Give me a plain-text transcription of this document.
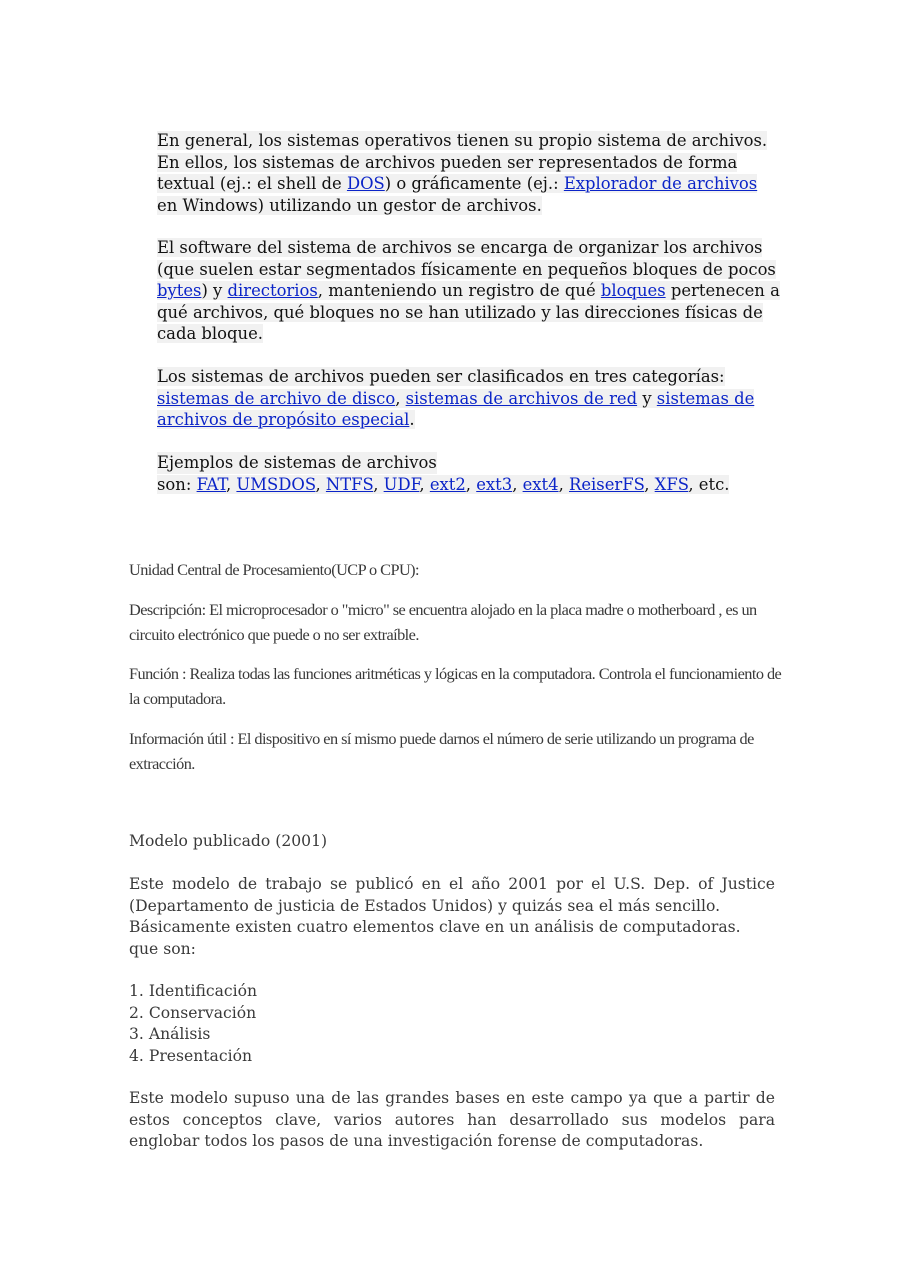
En general, los sistemas operativos tienen su propio sistema de archivos. En ellos, los sistemas de archivos pueden ser representados de forma textual (ej.: el shell de DOS) o gráficamente (ej.: Explorador de archivos en Windows) utilizando un gestor de archivos.
El software del sistema de archivos se encarga de organizar los archivos (que suelen estar segmentados físicamente en pequeños bloques de pocos bytes) y directorios, manteniendo un registro de qué bloques pertenecen a qué archivos, qué bloques no se han utilizado y las direcciones físicas de cada bloque.
Los sistemas de archivos pueden ser clasificados en tres categorías: sistemas de archivo de disco, sistemas de archivos de red y sistemas de archivos de propósito especial.
Ejemplos de sistemas de archivos
son: FAT, UMSDOS, NTFS, UDF, ext2, ext3, ext4, ReiserFS, XFS, etc.
Unidad Central de Procesamiento(UCP o CPU):
Descripción: El microprocesador o "micro" se encuentra alojado en la placa madre o motherboard , es un circuito electrónico que puede o no ser extraíble.
Función : Realiza todas las funciones aritméticas y lógicas en la computadora. Controla el funcionamiento de la computadora.
Información útil : El dispositivo en sí mismo puede darnos el número de serie utilizando un programa de extracción.
Modelo publicado (2001)
Este modelo de trabajo se publicó en el año 2001 por el U.S. Dep. of Justice (Departamento de justicia de Estados Unidos) y quizás sea el más sencillo.
Básicamente existen cuatro elementos clave en un análisis de computadoras.
que son:
1. Identificación
2. Conservación
3. Análisis
4. Presentación
Este modelo supuso una de las grandes bases en este campo ya que a partir de estos conceptos clave, varios autores han desarrollado sus modelos para englobar todos los pasos de una investigación forense de computadoras.
